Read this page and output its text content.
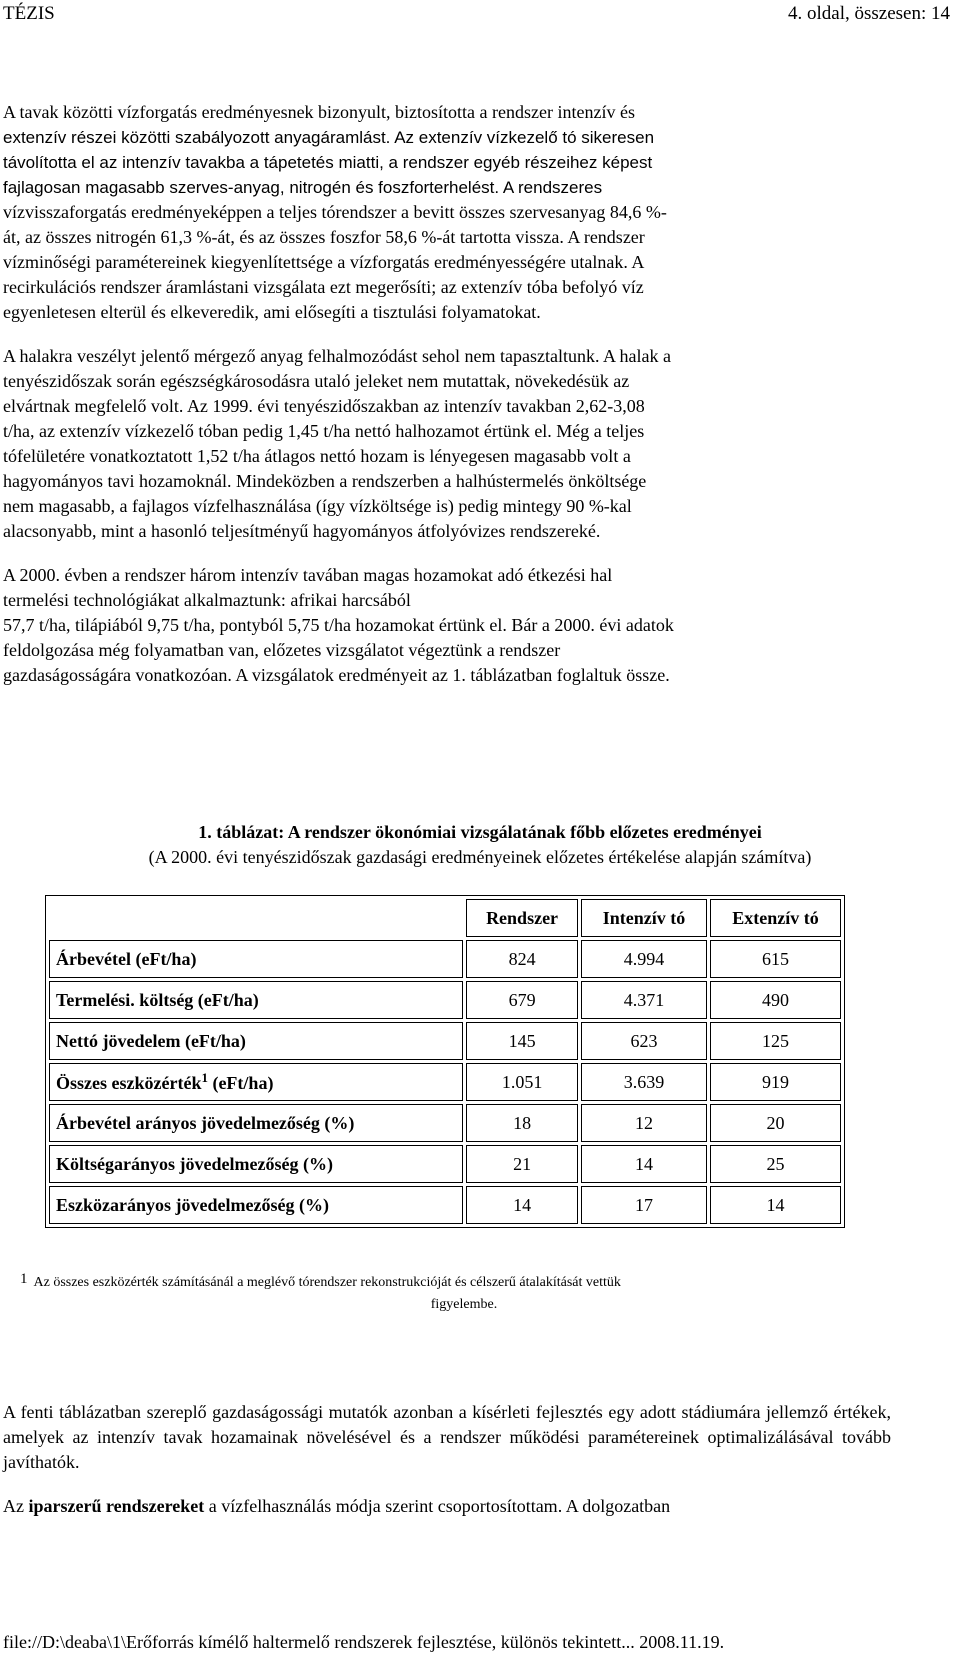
TÉZIS	4. oldal, összesen: 14

A tavak közötti vízforgatás eredményesnek bizonyult, biztosította a rendszer intenzív és
extenzív részei közötti szabályozott anyagáramlást. Az extenzív vízkezelő tó sikeresen
távolította el az intenzív tavakba a tápetetés miatti, a rendszer egyéb részeihez képest
fajlagosan magasabb szerves-anyag, nitrogén és foszforterhelést. A rendszeres
vízvisszaforgatás eredményeképpen a teljes tórendszer a bevitt összes szervesanyag 84,6 %-
át, az összes nitrogén 61,3 %-át, és az összes foszfor 58,6 %-át tartotta vissza. A rendszer
vízminőségi paramétereinek kiegyenlítettsége a vízforgatás eredményességére utalnak. A
recirkulációs rendszer áramlástani vizsgálata ezt megerősíti; az extenzív tóba befolyó víz
egyenletesen elterül és elkeveredik, ami elősegíti a tisztulási folyamatokat.

A halakra veszélyt jelentő mérgező anyag felhalmozódást sehol nem tapasztaltunk. A halak a
tenyészidőszak során egészségkárosodásra utaló jeleket nem mutattak, növekedésük az
elvártnak megfelelő volt. Az 1999. évi tenyészidőszakban az intenzív tavakban 2,62-3,08
t/ha, az extenzív vízkezelő tóban pedig 1,45 t/ha nettó halhozamot értünk el. Még a teljes
tófelületére vonatkoztatott 1,52 t/ha átlagos nettó hozam is lényegesen magasabb volt a
hagyományos tavi hozamoknál. Mindeközben a rendszerben a halhústermelés önköltsége
nem magasabb, a fajlagos vízfelhasználása (így vízköltsége is) pedig mintegy 90 %-kal
alacsonyabb, mint a hasonló teljesítményű hagyományos átfolyóvizes rendszereké.

A 2000. évben a rendszer három intenzív tavában magas hozamokat adó étkezési hal
termelési technológiákat alkalmaztunk: afrikai harcsából
57,7 t/ha, tilápiából 9,75 t/ha, pontyból 5,75 t/ha hozamokat értünk el. Bár a 2000. évi adatok
feldolgozása még folyamatban van, előzetes vizsgálatot végeztünk a rendszer
gazdaságosságára vonatkozóan. A vizsgálatok eredményeit az 1. táblázatban foglaltuk össze.

1. táblázat: A rendszer ökonómiai vizsgálatának főbb előzetes eredményei
(A 2000. évi tenyészidőszak gazdasági eredményeinek előzetes értékelése alapján számítva)
	Rendszer	Intenzív tó	Extenzív tó
Árbevétel (eFt/ha)	824	4.994	615
Termelési. költség (eFt/ha)	679	4.371	490
Nettó jövedelem (eFt/ha)	145	623	125
Összes eszközérték$^1$ (eFt/ha)	1.051	3.639	919
Árbevétel arányos jövedelmezőség (%)	18	12	20
Költségarányos jövedelmezőség (%)	21	14	25
Eszközarányos jövedelmezőség (%)	14	17	14
1 Az összes eszközérték számításánál a meglévő tórendszer rekonstrukcióját és célszerű átalakítását vettük
figyelembe.

A fenti táblázatban szereplő gazdaságossági mutatók azonban a kísérleti fejlesztés egy adott stádiumára jellemző értékek, amelyek az intenzív tavak hozamainak növelésével és a rendszer működési paramétereinek optimalizálásával tovább javíthatók.

Az iparszerű rendszereket a vízfelhasználás módja szerint csoportosítottam. A dolgozatban

file://D:\deaba\1\Erőforrás kímélő haltermelő rendszerek fejlesztése, különös tekintett... 2008.11.19.
